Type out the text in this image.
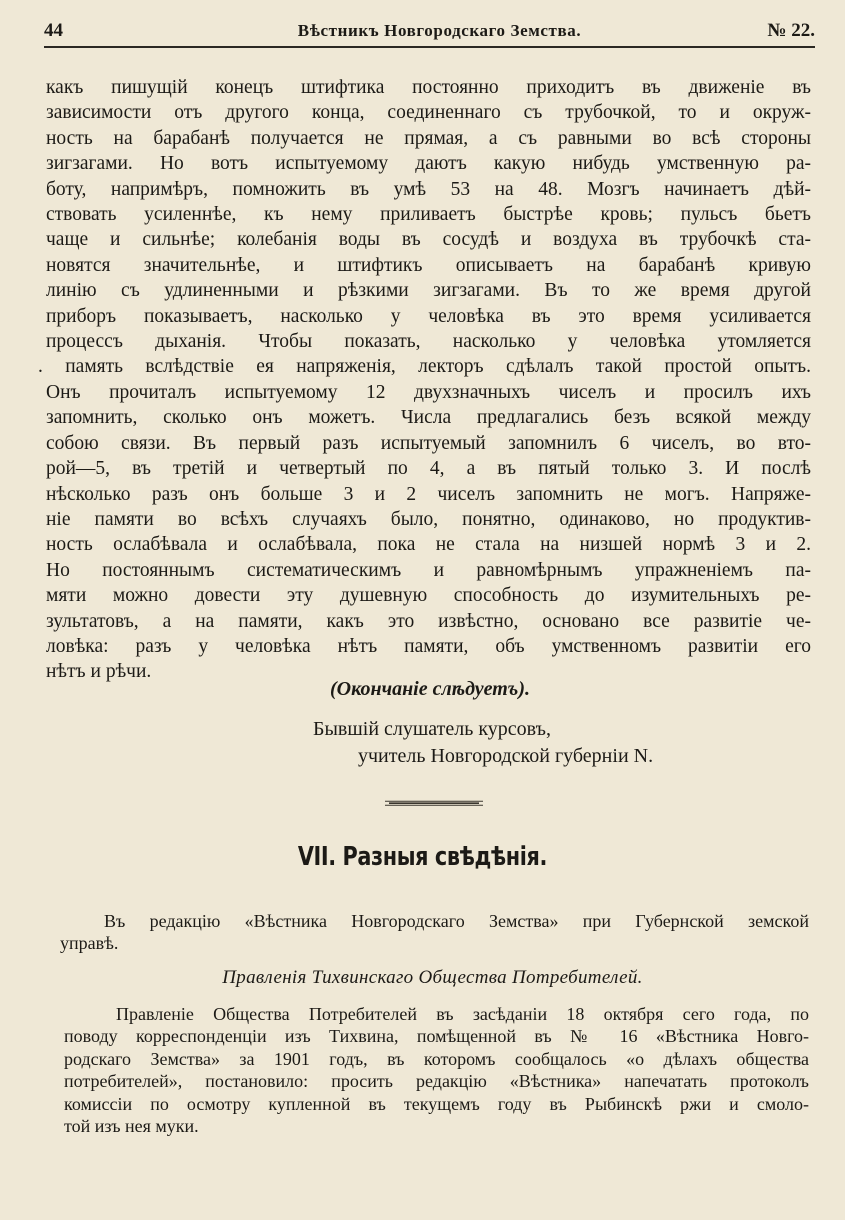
44	Вѣстникъ Новгородскаго Земства.	№ 22.
какъ пишущій конецъ штифтика постоянно приходитъ въ движеніе въ
зависимости отъ другого конца, соединеннаго съ трубочкой, то и окруж-
ность на барабанѣ получается не прямая, а съ равными во всѣ стороны
зигзагами. Но вотъ испытуемому даютъ какую нибудь умственную ра-
боту, напримѣръ, помножить въ умѣ 53 на 48. Мозгъ начинаетъ дѣй-
ствовать усиленнѣе, къ нему приливаетъ быстрѣе кровь; пульсъ бьетъ
чаще и сильнѣе; колебанія воды въ сосудѣ и воздуха въ трубочкѣ ста-
новятся значительнѣе, и штифтикъ описываетъ на барабанѣ кривую
линію съ удлиненными и рѣзкими зигзагами. Въ то же время другой
приборъ показываетъ, насколько у человѣка въ это время усиливается
процессъ дыханія. Чтобы показать, насколько у человѣка утомляется
. память вслѣдствіе ея напряженія, лекторъ сдѣлалъ такой простой опытъ.
Онъ прочиталъ испытуемому 12 двухзначныхъ чиселъ и просилъ ихъ
запомнить, сколько онъ можетъ. Числа предлагались безъ всякой между
собою связи. Въ первый разъ испытуемый запомнилъ 6 чиселъ, во вто-
рой—5, въ третій и четвертый по 4, а въ пятый только 3. И послѣ
нѣсколько разъ онъ больше 3 и 2 чиселъ запомнить не могъ. Напряже-
ніе памяти во всѣхъ случаяхъ было, понятно, одинаково, но продуктив-
ность ослабѣвала и ослабѣвала, пока не стала на низшей нормѣ 3 и 2.
Но постояннымъ систематическимъ и равномѣрнымъ упражненіемъ па-
мяти можно довести эту душевную способность до изумительныхъ ре-
зультатовъ, а на памяти, какъ это извѣстно, основано все развитіе че-
ловѣка: разъ у человѣка нѣтъ памяти, объ умственномъ развитіи его
нѣтъ и рѣчи.
(Окончаніе слѣдуетъ).
Бывшій слушатель курсовъ,
учитель Новгородской губерніи N.
VII. Разныя свѣдѣнія.
Въ редакцію «Вѣстника Новгородскаго Земства» при Губернской земской
управѣ.
Правленія Тихвинскаго Общества Потребителей.
Правленіе Общества Потребителей въ засѣданіи 18 октября сего года, по
поводу корреспонденціи изъ Тихвина, помѣщенной въ № 16 «Вѣстника Новго-
родскаго Земства» за 1901 годъ, въ которомъ сообщалось «о дѣлахъ общества
потребителей», постановило: просить редакцію «Вѣстника» напечатать протоколъ
комиссіи по осмотру купленной въ текущемъ году въ Рыбинскѣ ржи и смоло-
той изъ нея муки.
